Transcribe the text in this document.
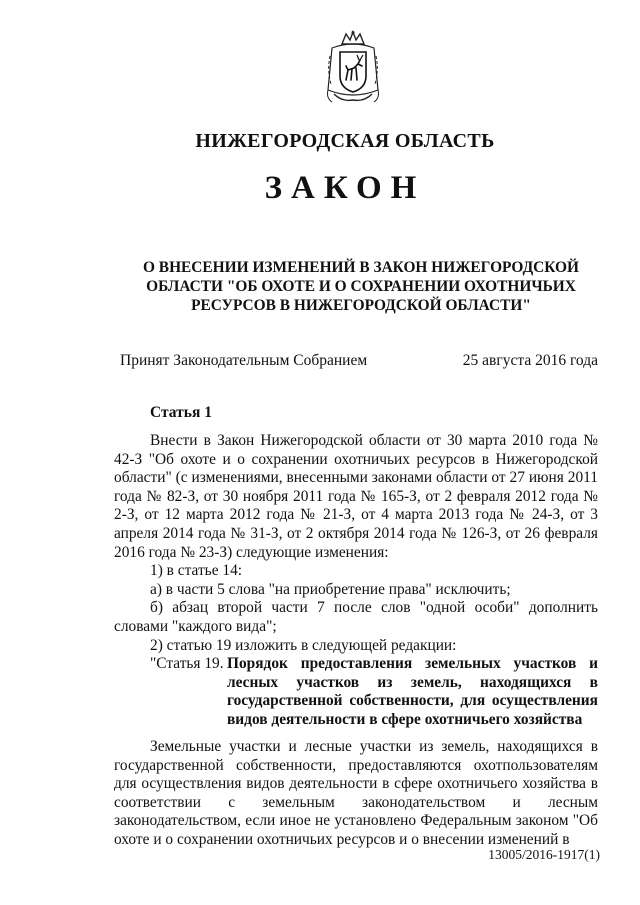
НИЖЕГОРОДСКАЯ ОБЛАСТЬ
ЗАКОН
О ВНЕСЕНИИ ИЗМЕНЕНИЙ В ЗАКОН НИЖЕГОРОДСКОЙ
ОБЛАСТИ "ОБ ОХОТЕ И О СОХРАНЕНИИ ОХОТНИЧЬИХ
РЕСУРСОВ В НИЖЕГОРОДСКОЙ ОБЛАСТИ"
Принят Законодательным Собранием	25 августа 2016 года
Статья 1

Внести в Закон Нижегородской области от 30 марта 2010 года № 42-З "Об охоте и о сохранении охотничьих ресурсов в Нижегородской области" (с изменениями, внесенными законами области от 27 июня 2011 года № 82-З, от 30 ноября 2011 года № 165-З, от 2 февраля 2012 года № 2-З, от 12 марта 2012 года № 21-З, от 4 марта 2013 года № 24-З, от 3 апреля 2014 года № 31-З, от 2 октября 2014 года № 126-З, от 26 февраля 2016 года № 23-З) следующие изменения:

1) в статье 14:

а) в части 5 слова "на приобретение права" исключить;

б) абзац второй части 7 после слов "одной особи" дополнить словами "каждого вида";

2) статью 19 изложить в следующей редакции:

"Статья 19. Порядок предоставления земельных участков и лесных участков из земель, находящихся в государственной собственности, для осуществления видов деятельности в сфере охотничьего хозяйства

Земельные участки и лесные участки из земель, находящихся в государственной собственности, предоставляются охотпользователям для осуществления видов деятельности в сфере охотничьего хозяйства в соответствии с земельным законодательством и лесным законодательством, если иное не установлено Федеральным законом "Об охоте и о сохранении охотничьих ресурсов и о внесении изменений в

13005/2016-1917(1)
